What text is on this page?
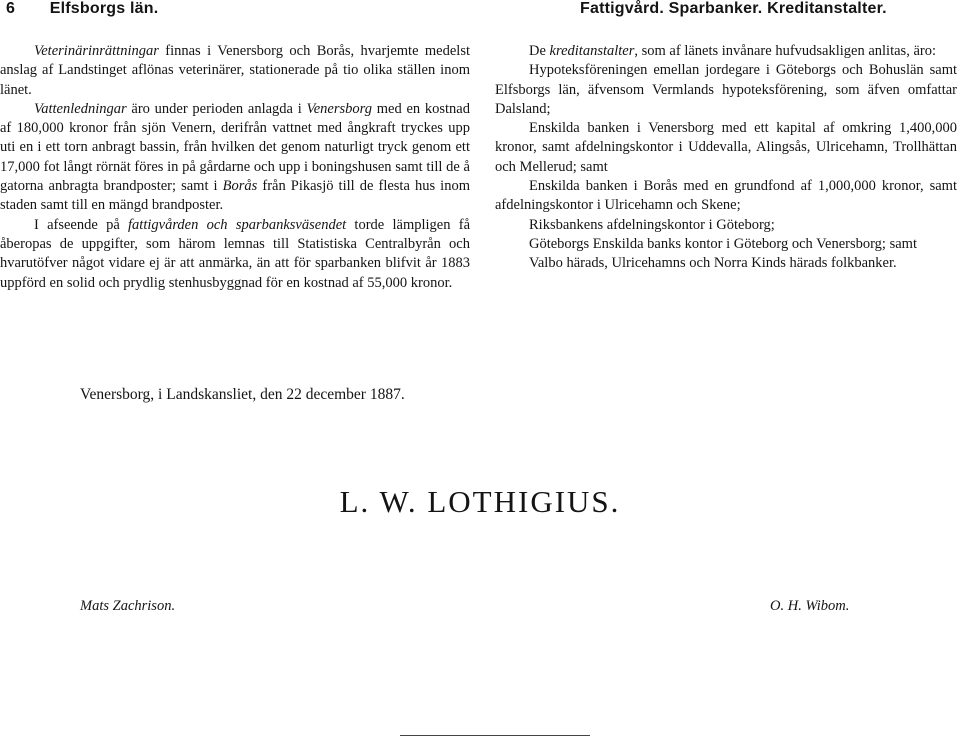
6 Elfsborgs län.	Fattigvård. Sparbanker. Kreditanstalter.

Veterinärinrättningar finnas i Venersborg och Borås, hvarjemte medelst anslag af Landstinget aflönas veterinärer, stationerade på tio olika ställen inom länet.

Vattenledningar äro under perioden anlagda i Venersborg med en kostnad af 180,000 kronor från sjön Venern, derifrån vattnet med ångkraft tryckes upp uti en i ett torn anbragt bassin, från hvilken det genom naturligt tryck genom ett 17,000 fot långt rörnät föres in på gårdarne och upp i boningshusen samt till de å gatorna anbragta brandposter; samt i Borås från Pikasjö till de flesta hus inom staden samt till en mängd brandposter.

I afseende på fattigvården och sparbanksväsendet torde lämpligen få åberopas de uppgifter, som härom lemnas till Statistiska Centralbyrån och hvarutöfver något vidare ej är att anmärka, än att för sparbanken blifvit år 1883 uppförd en solid och prydlig stenhusbyggnad för en kostnad af 55,000 kronor.

De kreditanstalter, som af länets invånare hufvudsakligen anlitas, äro:

Hypoteksföreningen emellan jordegare i Göteborgs och Bohuslän samt Elfsborgs län, äfvensom Vermlands hypoteksförening, som äfven omfattar Dalsland;

Enskilda banken i Venersborg med ett kapital af omkring 1,400,000 kronor, samt afdelningskontor i Uddevalla, Alingsås, Ulricehamn, Trollhättan och Mellerud; samt

Enskilda banken i Borås med en grundfond af 1,000,000 kronor, samt afdelningskontor i Ulricehamn och Skene;

Riksbankens afdelningskontor i Göteborg;

Göteborgs Enskilda banks kontor i Göteborg och Venersborg; samt

Valbo härads, Ulricehamns och Norra Kinds härads folkbanker.

Venersborg, i Landskansliet, den 22 december 1887.
L. W. LOTHIGIUS.
Mats Zachrison.	O. H. Wibom.
